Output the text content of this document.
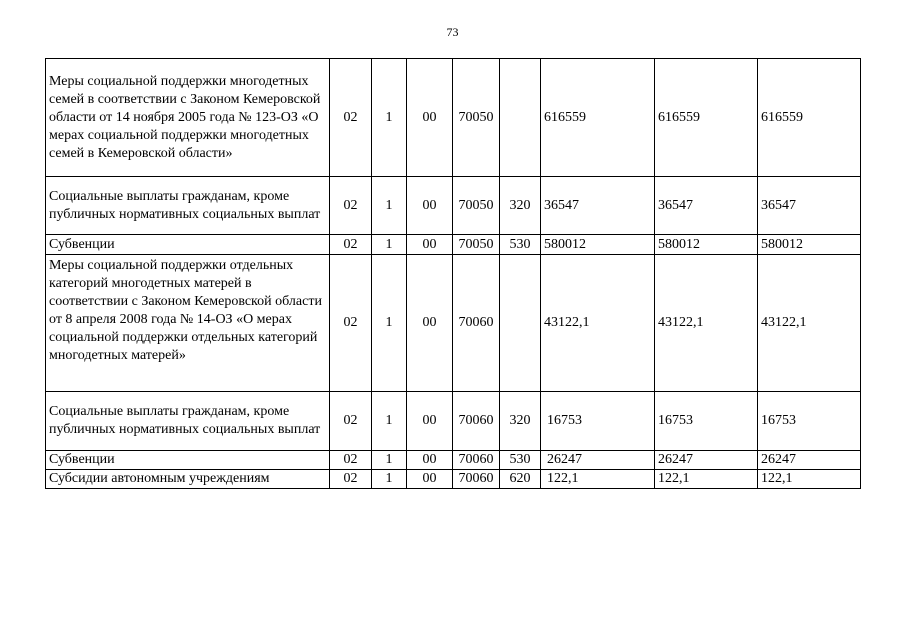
73
Меры социальной поддержки многодетных семей в соответствии с Законом Кемеровской области от 14 ноября 2005 года № 123-ОЗ «О мерах социальной поддержки многодетных семей в Кемеровской области»	02	1	00	70050		616559	616559	616559
Социальные выплаты гражданам, кроме публичных нормативных социальных выплат	02	1	00	70050	320	36547	36547	36547
Субвенции	02	1	00	70050	530	580012	580012	580012
Меры социальной поддержки отдельных категорий многодетных матерей в соответствии с Законом Кемеровской области от 8 апреля 2008 года № 14-ОЗ «О мерах социальной поддержки отдельных категорий многодетных матерей»	02	1	00	70060		43122,1	43122,1	43122,1
Социальные выплаты гражданам, кроме публичных нормативных социальных выплат	02	1	00	70060	320	16753	16753	16753
Субвенции	02	1	00	70060	530	26247	26247	26247
Субсидии автономным учреждениям	02	1	00	70060	620	122,1	122,1	122,1
